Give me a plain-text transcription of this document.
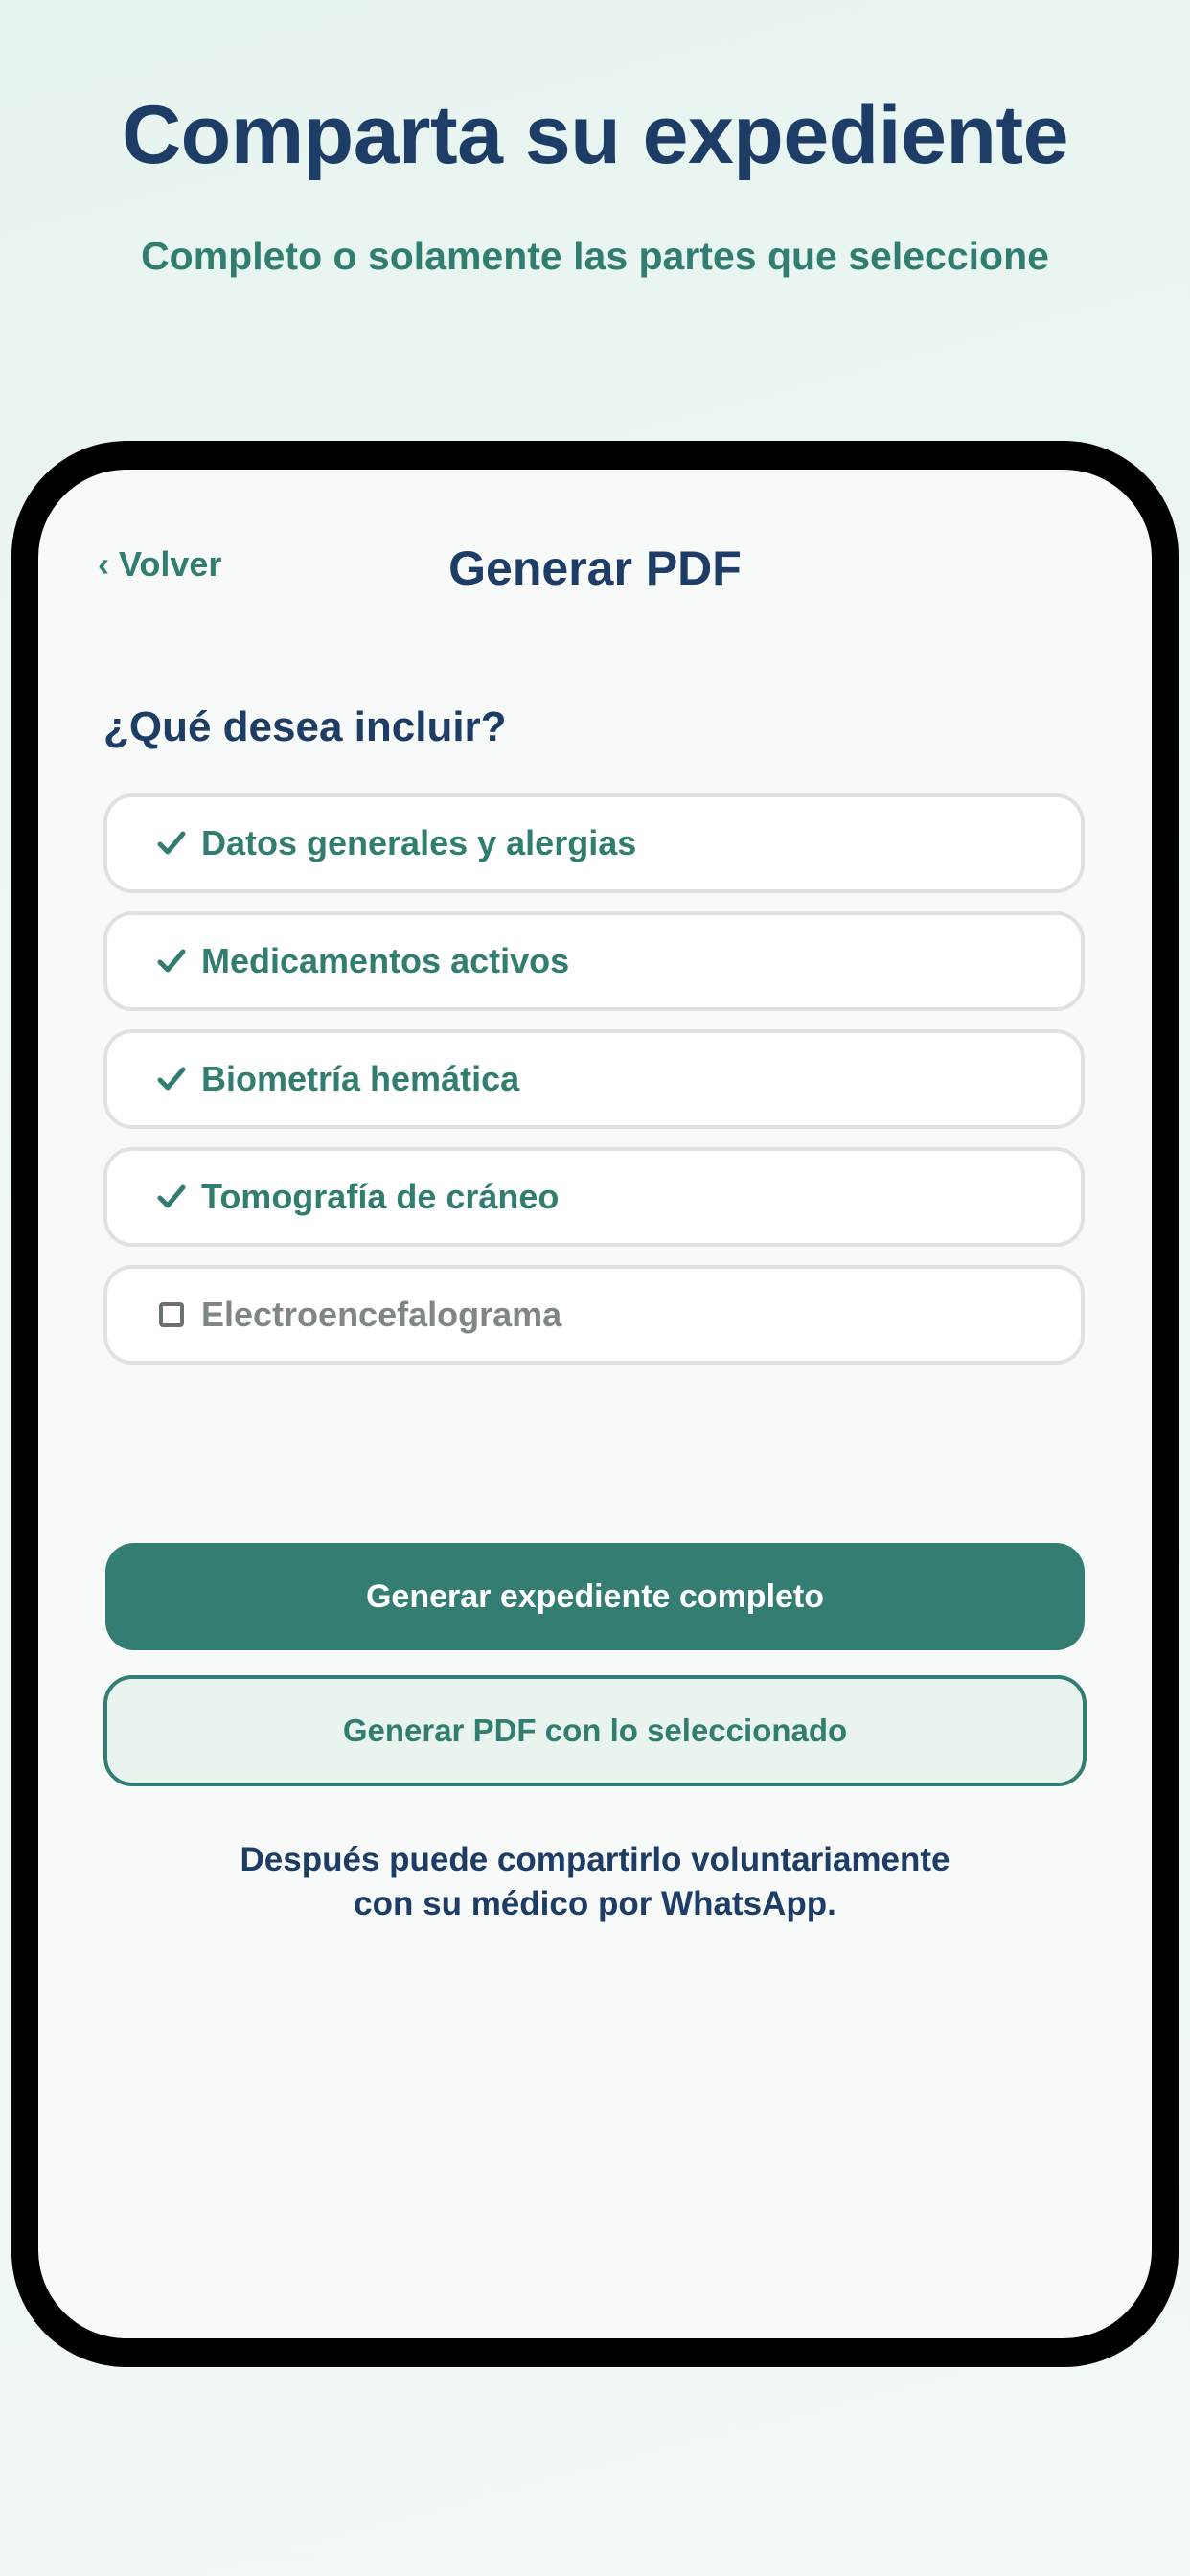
Comparta su expediente
Completo o solamente las partes que seleccione
‹ Volver	Generar PDF
¿Qué desea incluir?
Datos generales y alergias
Medicamentos activos
Biometría hemática
Tomografía de cráneo
Electroencefalograma
Generar expediente completo
Generar PDF con lo seleccionado
Después puede compartirlo voluntariamente
con su médico por WhatsApp.
